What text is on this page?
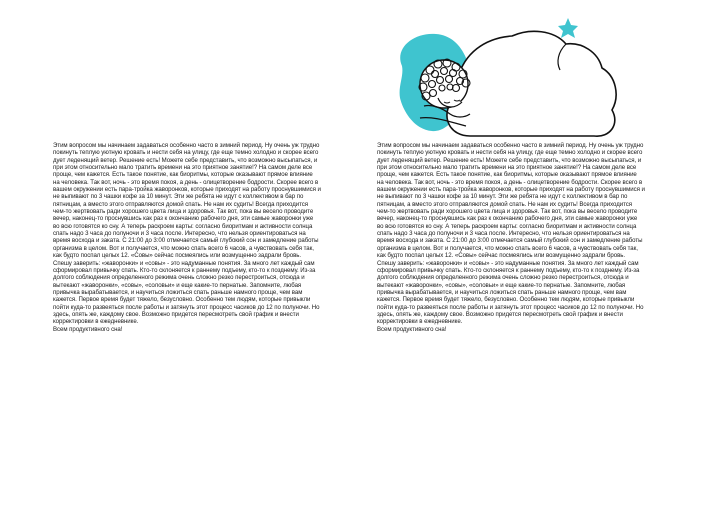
Этим вопросом мы начинаем задаваться особенно часто в зимний период. Ну очень уж трудно покинуть теплую уютную кровать и нести себя на улицу, где еще темно холодно и скорее всего дует леденящий ветер. Решение есть! Можете себе представить, что возможно высыпаться, и при этом относительно мало тратить времени на это приятное занятие!? На самом деле все проще, чем кажется. Есть такое понятие, как биоритмы, которые оказывают прямое влияние на человека. Так вот, ночь - это время покоя, а день - олицетворение бодрости. Скорее всего в вашем окружении есть пара-тройка жаворонков, которые приходят на работу проснувшимися и не выпивают по 3 чашки кофе за 10 минут. Эти же ребята не идут с коллективом в бар по пятницам, а вместо этого отправляются домой спать. Не нам их судить! Всегда приходится чем-то жертвовать ради хорошего цвета лица и здоровья. Так вот, пока вы весело проводите вечер, наконец-то проснувшись как раз к окончанию рабочего дня, эти самые жаворонки уже во всю готовятся ко сну. А теперь раскроем карты: согласно биоритмам и активности солнца спать надо 3 часа до полуночи и 3 часа после. Интересно, что нельзя ориентироваться на время восхода и заката. С 21:00 до 3:00 отмечается самый глубокий сон и замедление работы организма в целом. Вот и получается, что можно спать всего 6 часов, а чувствовать себя так, как будто поспал целых 12. «Совы» сейчас посмеялись или возмущенно задрали бровь. Спешу заверить: «жаворонки» и «совы» - это надуманные понятия. За много лет каждый сам сформировал привычку спать. Кто-то склоняется к раннему подъему, кто-то к позднему. Из-за долгого соблюдения определенного режима очень сложно резко перестроиться, отсюда и вытекают «жаворонки», «совы», «соловьи» и еще какие-то пернатые. Запомните, любая привычка вырабатывается, и научиться ложиться спать раньше намного проще, чем вам кажется. Первое время будет тяжело, безусловно. Особенно тем людям, которые привыкли пойти куда-то развеяться после работы и затянуть этот процесс часиков до 12 по полуночи. Но здесь, опять же, каждому свое. Возможно придется пересмотреть свой график и внести корректировки в ежедневнике.

Всем продуктивного сна!

Этим вопросом мы начинаем задаваться особенно часто в зимний период. Ну очень уж трудно покинуть теплую уютную кровать и нести себя на улицу, где еще темно холодно и скорее всего дует леденящий ветер. Решение есть! Можете себе представить, что возможно высыпаться, и при этом относительно мало тратить времени на это приятное занятие!? На самом деле все проще, чем кажется. Есть такое понятие, как биоритмы, которые оказывают прямое влияние на человека. Так вот, ночь - это время покоя, а день - олицетворение бодрости. Скорее всего в вашем окружении есть пара-тройка жаворонков, которые приходят на работу проснувшимися и не выпивают по 3 чашки кофе за 10 минут. Эти же ребята не идут с коллективом в бар по пятницам, а вместо этого отправляются домой спать. Не нам их судить! Всегда приходится чем-то жертвовать ради хорошего цвета лица и здоровья. Так вот, пока вы весело проводите вечер, наконец-то проснувшись как раз к окончанию рабочего дня, эти самые жаворонки уже во всю готовятся ко сну. А теперь раскроем карты: согласно биоритмам и активности солнца спать надо 3 часа до полуночи и 3 часа после. Интересно, что нельзя ориентироваться на время восхода и заката. С 21:00 до 3:00 отмечается самый глубокий сон и замедление работы организма в целом. Вот и получается, что можно спать всего 6 часов, а чувствовать себя так, как будто поспал целых 12. «Совы» сейчас посмеялись или возмущенно задрали бровь. Спешу заверить: «жаворонки» и «совы» - это надуманные понятия. За много лет каждый сам сформировал привычку спать. Кто-то склоняется к раннему подъему, кто-то к позднему. Из-за долгого соблюдения определенного режима очень сложно резко перестроиться, отсюда и вытекают «жаворонки», «совы», «соловьи» и еще какие-то пернатые. Запомните, любая привычка вырабатывается, и научиться ложиться спать раньше намного проще, чем вам кажется. Первое время будет тяжело, безусловно. Особенно тем людям, которые привыкли пойти куда-то развеяться после работы и затянуть этот процесс часиков до 12 по полуночи. Но здесь, опять же, каждому свое. Возможно придется пересмотреть свой график и внести корректировки в ежедневнике.

Всем продуктивного сна!
